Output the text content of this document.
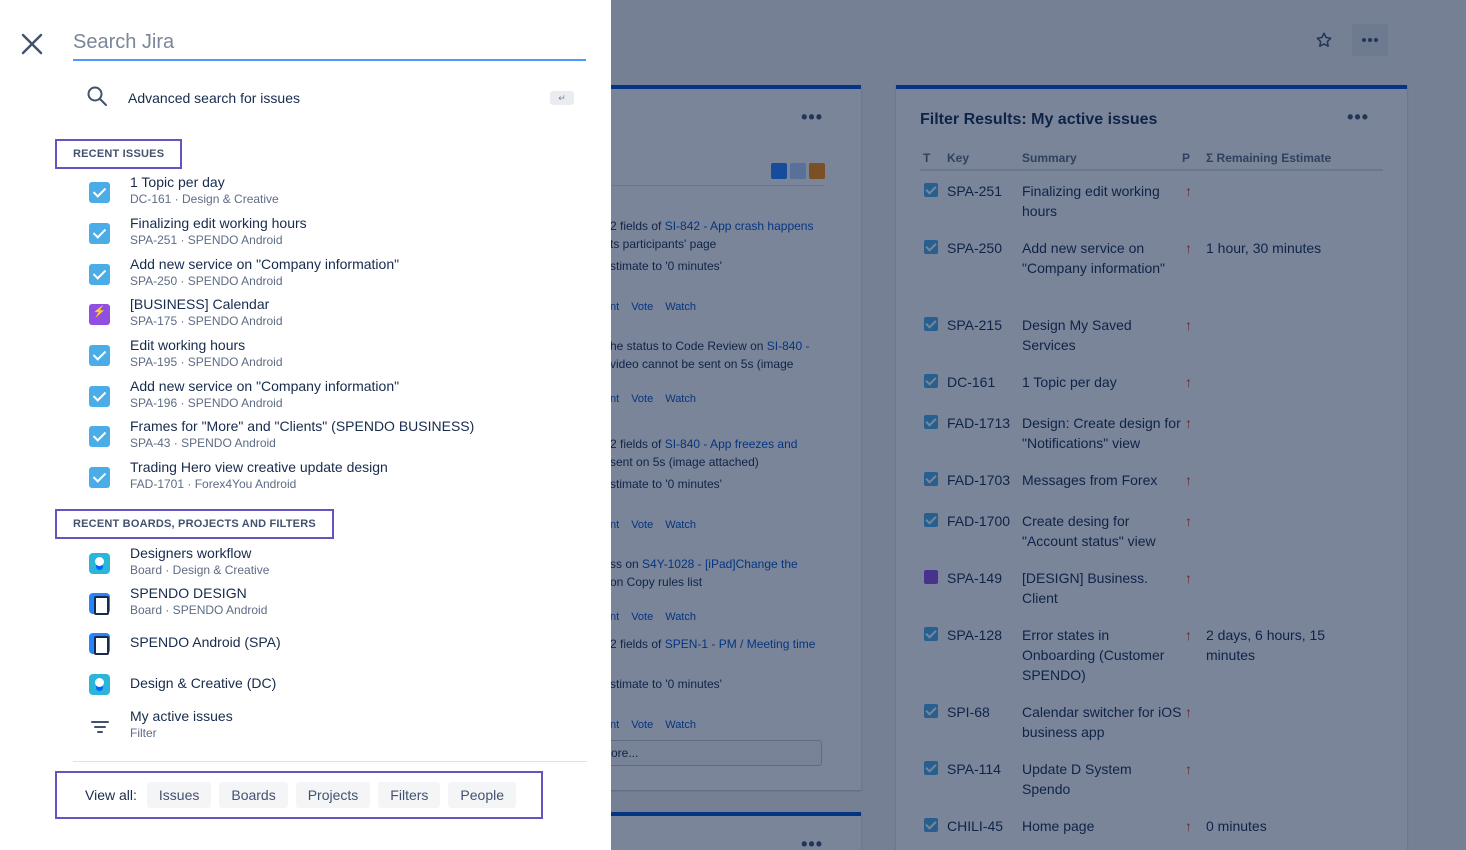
Search Jira
Advanced search for issues	↵
RECENT ISSUES
1 Topic per day
DC-161 · Design & Creative
Finalizing edit working hours
SPA-251 · SPENDO Android
Add new service on "Company information"
SPA-250 · SPENDO Android
⚡
[BUSINESS] Calendar
SPA-175 · SPENDO Android
Edit working hours
SPA-195 · SPENDO Android
Add new service on "Company information"
SPA-196 · SPENDO Android
Frames for "More" and "Clients" (SPENDO BUSINESS)
SPA-43 · SPENDO Android
Trading Hero view creative update design
FAD-1701 · Forex4You Android
RECENT BOARDS, PROJECTS AND FILTERS
Designers workflow
Board · Design & Creative
SPENDO DESIGN
Board · SPENDO Android
SPENDO Android (SPA)
Design & Creative (DC)
My active issues
Filter
View all:	Issues	Boards	Projects	Filters	People
